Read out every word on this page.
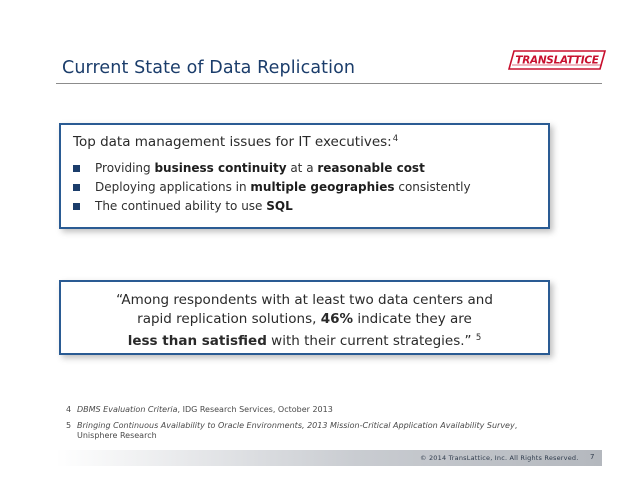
Current State of Data Replication	TRANSLATTICE
Top data management issues for IT executives:$^4$
Providing business continuity at a reasonable cost
Deploying applications in multiple geographies consistently
The continued ability to use SQL
“Among respondents with at least two data centers and
rapid replication solutions, 46% indicate they are
less than satisfied with their current strategies.” $^5$
4 DBMS Evaluation Criteria, IDG Research Services, October 2013
5 Bringing Continuous Availability to Oracle Environments, 2013 Mission-Critical Application Availability Survey,
Unisphere Research
© 2014 TransLattice, Inc. All Rights Reserved. 7
